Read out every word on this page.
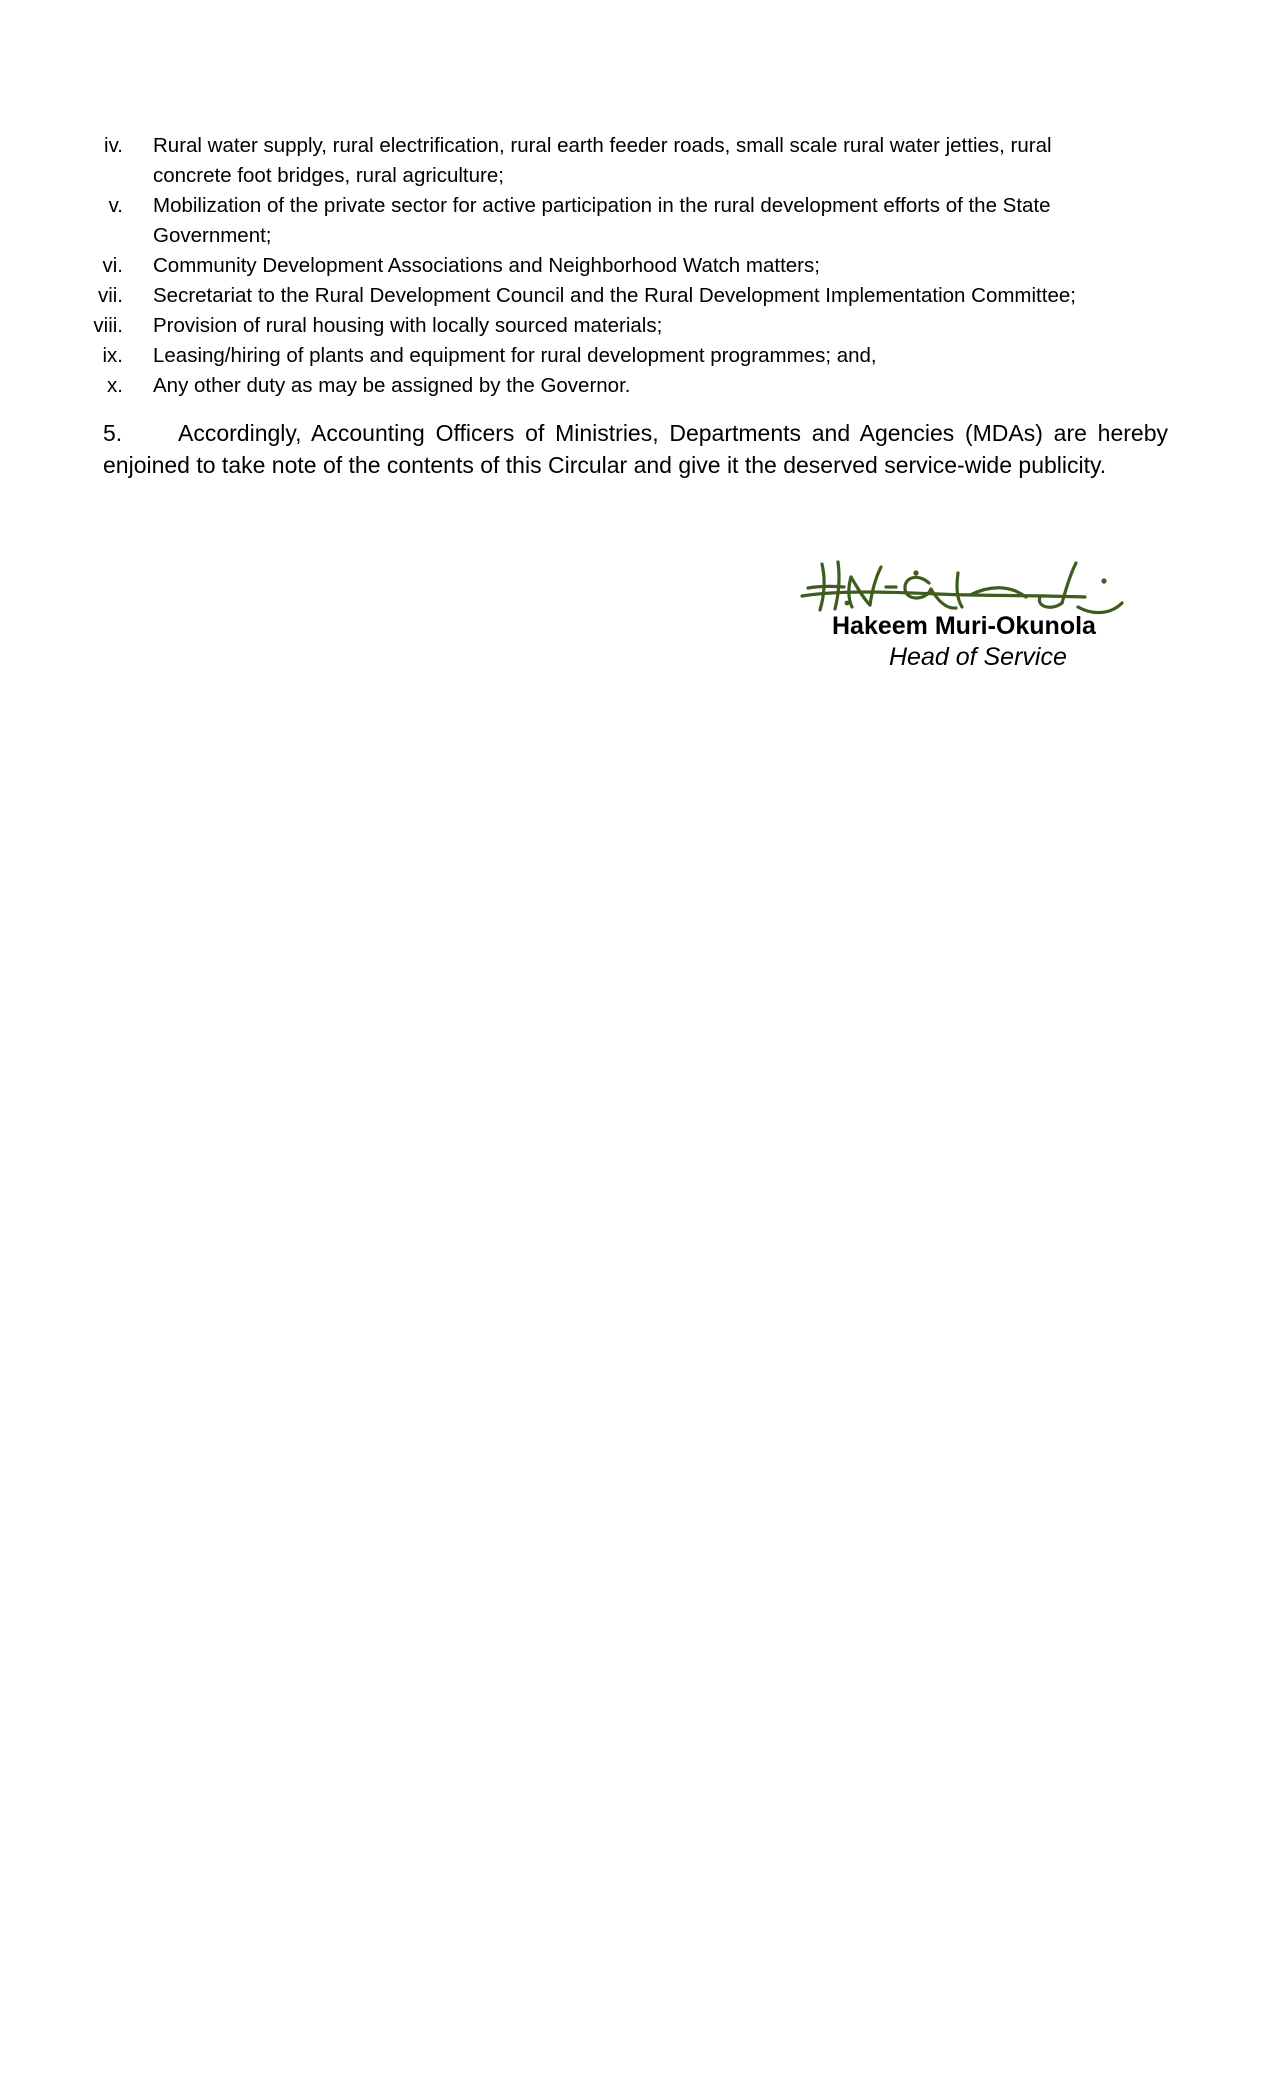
iv. Rural water supply, rural electrification, rural earth feeder roads, small scale rural water jetties, rural concrete foot bridges, rural agriculture;
v. Mobilization of the private sector for active participation in the rural development efforts of the State Government;
vi. Community Development Associations and Neighborhood Watch matters;
vii. Secretariat to the Rural Development Council and the Rural Development Implementation Committee;
viii. Provision of rural housing with locally sourced materials;
ix. Leasing/hiring of plants and equipment for rural development programmes; and,
x. Any other duty as may be assigned by the Governor.

5. Accordingly, Accounting Officers of Ministries, Departments and Agencies (MDAs) are hereby enjoined to take note of the contents of this Circular and give it the deserved service-wide publicity.

Hakeem Muri-Okunola
Head of Service
